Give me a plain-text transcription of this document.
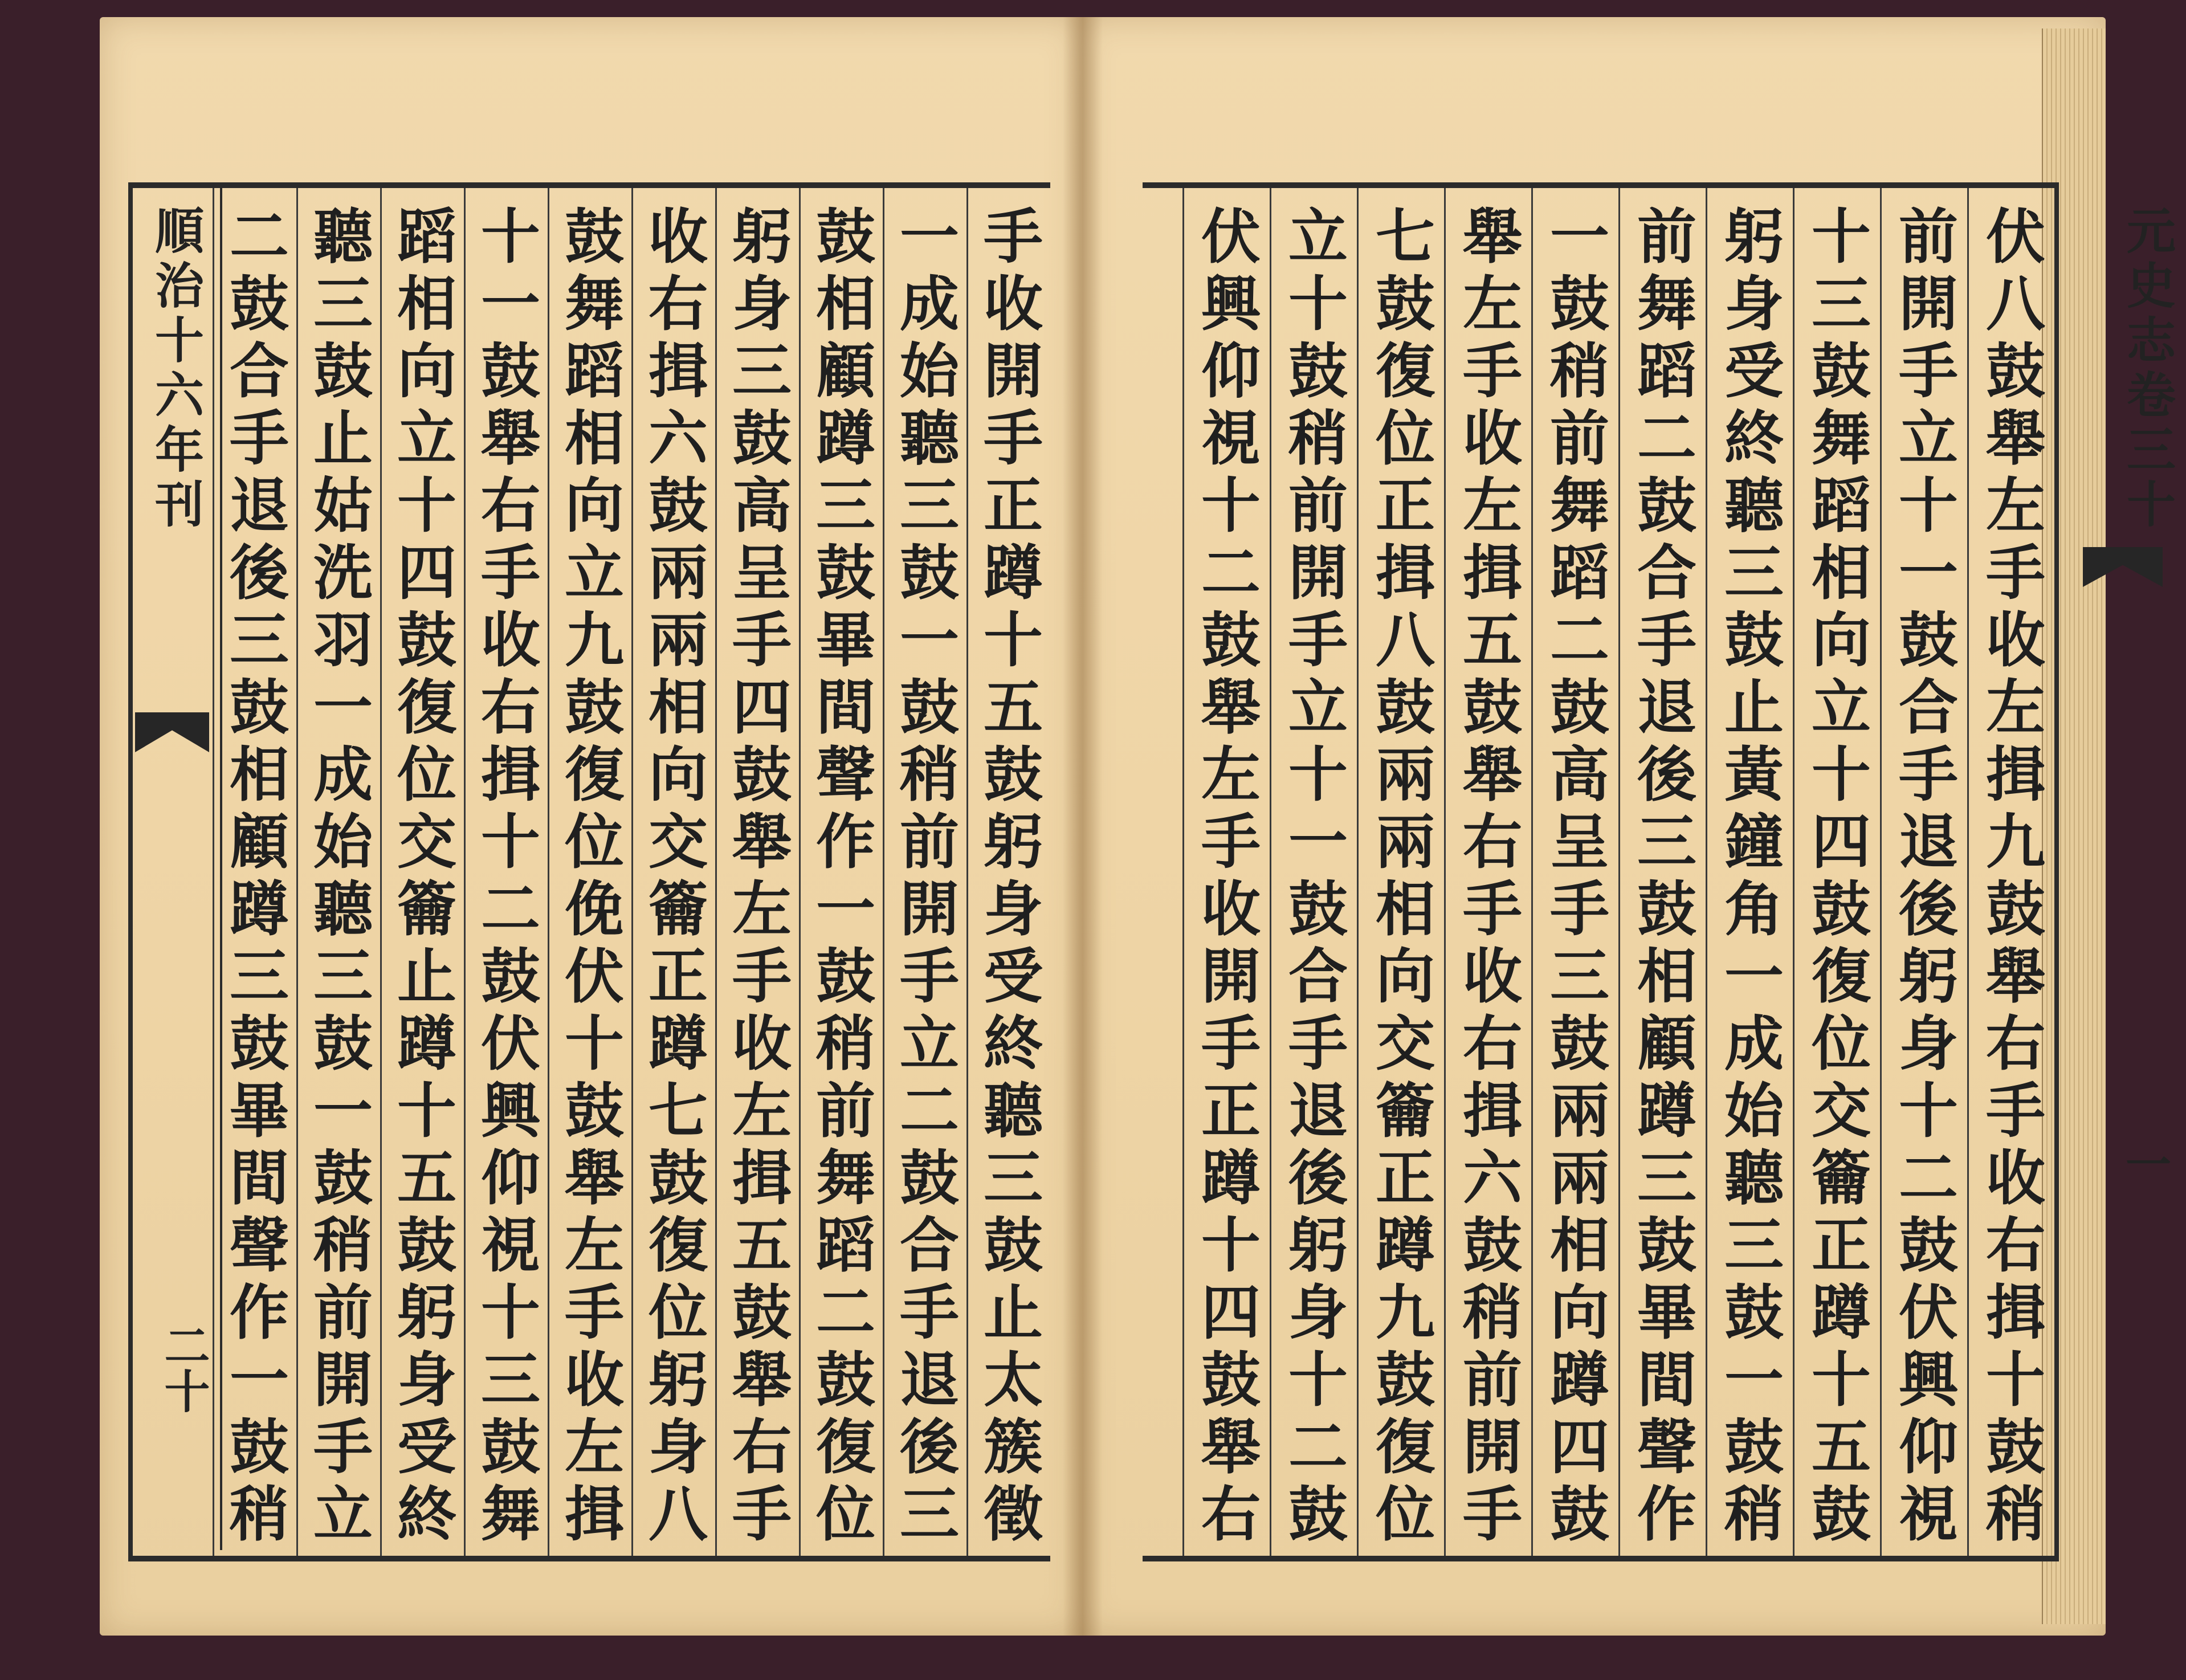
手收開手正蹲十五鼓躬身受終聽三鼓止太簇徵
一成始聽三鼓一鼓稍前開手立二鼓合手退後三
鼓相顧蹲三鼓畢間聲作一鼓稍前舞蹈二鼓復位
躬身三鼓高呈手四鼓舉左手收左揖五鼓舉右手
收右揖六鼓兩兩相向交籥正蹲七鼓復位躬身八
鼓舞蹈相向立九鼓復位俛伏十鼓舉左手收左揖
十一鼓舉右手收右揖十二鼓伏興仰視十三鼓舞
蹈相向立十四鼓復位交籥止蹲十五鼓躬身受終
聽三鼓止姑洗羽一成始聽三鼓一鼓稍前開手立
二鼓合手退後三鼓相顧蹲三鼓畢間聲作一鼓稍
順治十六年刊
二十	伏八鼓舉左手收左揖九鼓舉右手收右揖十鼓稍
前開手立十一鼓合手退後躬身十二鼓伏興仰視
十三鼓舞蹈相向立十四鼓復位交籥正蹲十五鼓
躬身受終聽三鼓止黃鐘角一成始聽三鼓一鼓稍
前舞蹈二鼓合手退後三鼓相顧蹲三鼓畢間聲作
一鼓稍前舞蹈二鼓高呈手三鼓兩兩相向蹲四鼓
舉左手收左揖五鼓舉右手收右揖六鼓稍前開手
七鼓復位正揖八鼓兩兩相向交籥正蹲九鼓復位
立十鼓稍前開手立十一鼓合手退後躬身十二鼓
伏興仰視十二鼓舉左手收開手正蹲十四鼓舉右	元史志卷三十
一
